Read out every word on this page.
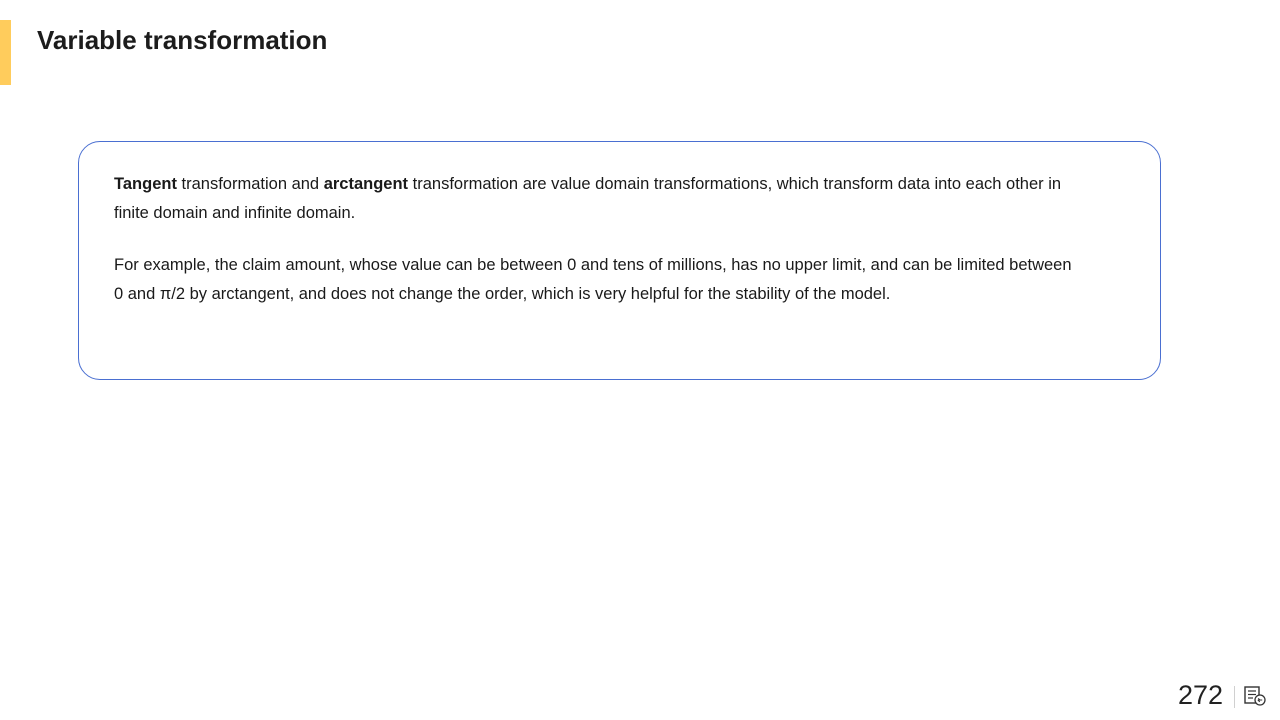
Variable transformation

Tangent transformation and arctangent transformation are value domain transformations, which transform data into each other in finite domain and infinite domain.

For example, the claim amount, whose value can be between 0 and tens of millions, has no upper limit, and can be limited between 0 and π/2 by arctangent, and does not change the order, which is very helpful for the stability of the model.

272
